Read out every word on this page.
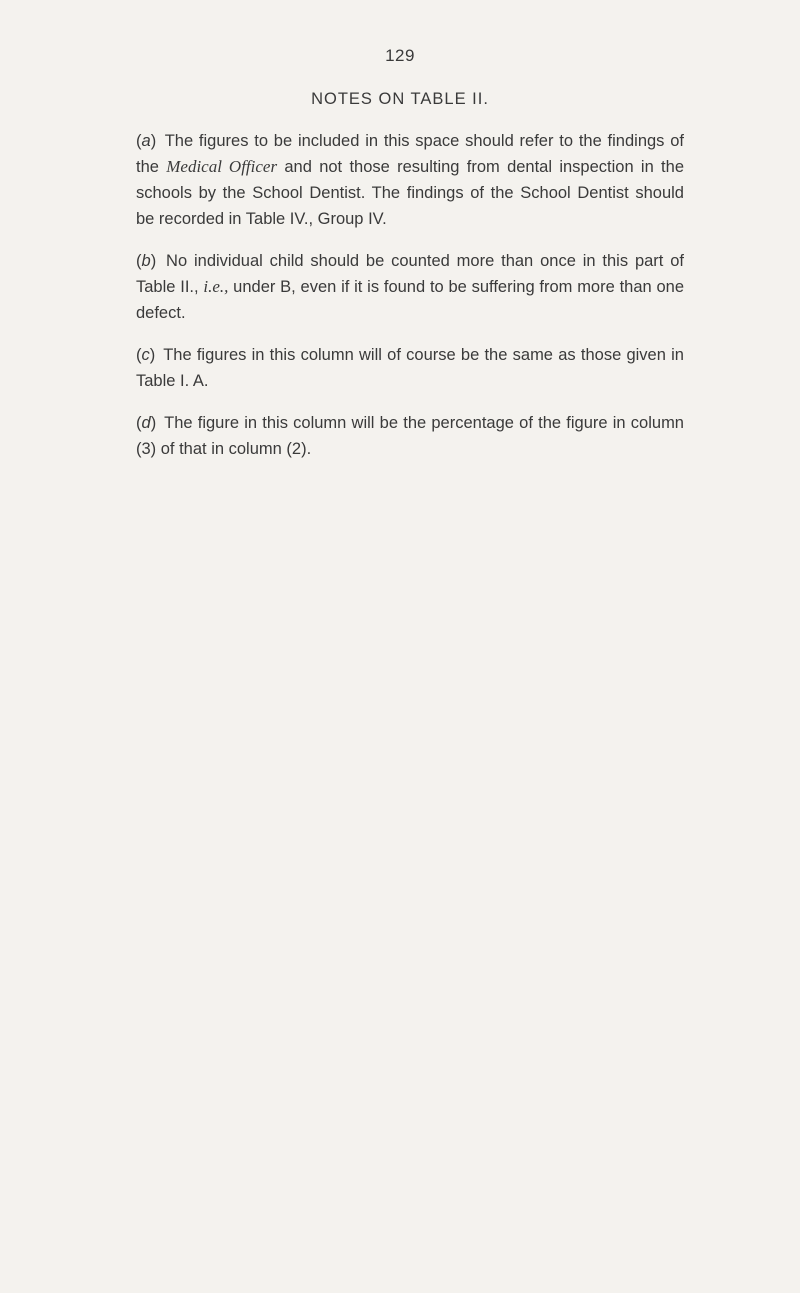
129
NOTES ON TABLE II.

(a) The figures to be included in this space should refer to the findings of the Medical Officer and not those resulting from dental inspection in the schools by the School Dentist. The findings of the School Dentist should be recorded in Table IV., Group IV.

(b) No individual child should be counted more than once in this part of Table II., i.e., under B, even if it is found to be suffering from more than one defect.

(c) The figures in this column will of course be the same as those given in Table I. A.

(d) The figure in this column will be the percentage of the figure in column (3) of that in column (2).
